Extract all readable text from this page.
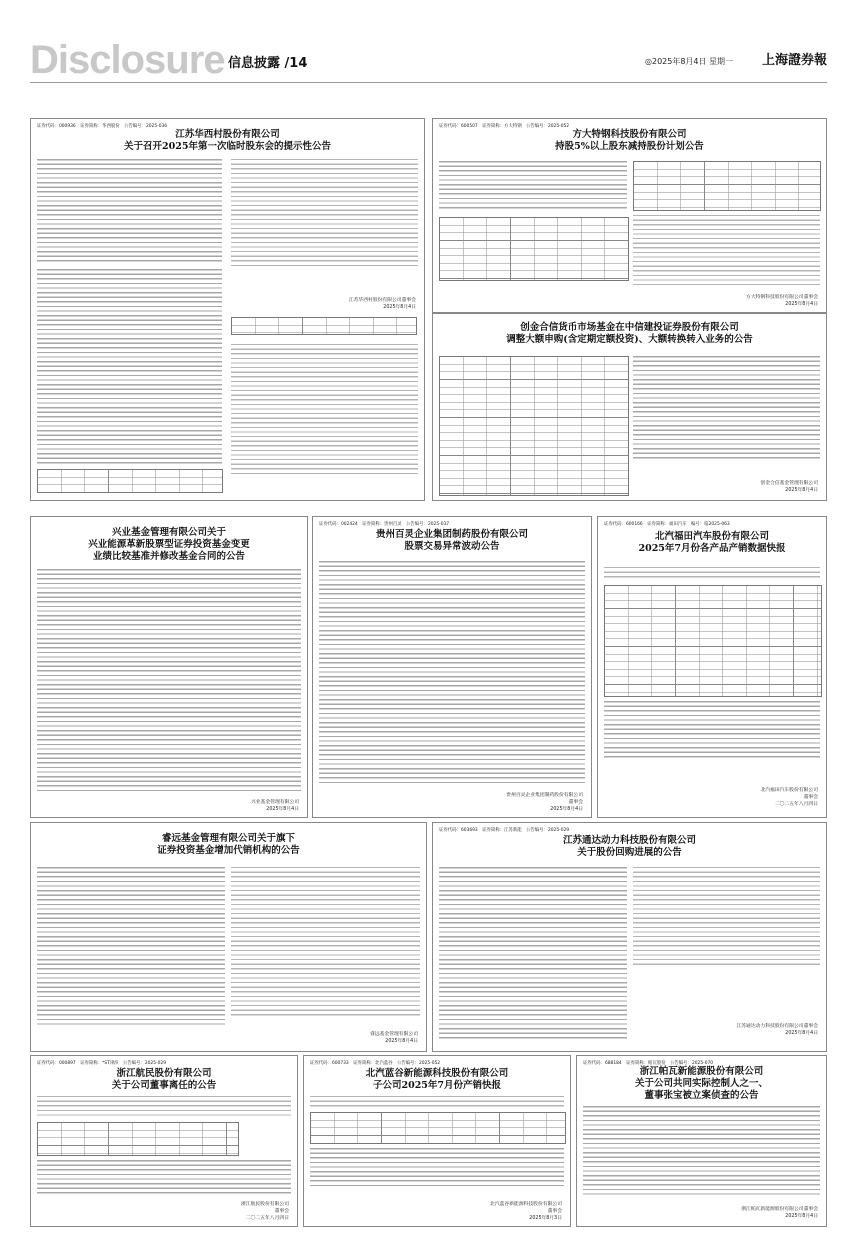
Disclosure 信息披露 /14	◎2025年8月4日 星期一 上海證券報
证券代码：000936　证券简称：华西股份　公告编号：2025-036
江苏华西村股份有限公司
关于召开2025年第一次临时股东会的提示性公告
江苏华西村股份有限公司董事会
2025年8月4日
证券代码：600507　证券简称：方大特钢　公告编号：2025-052
方大特钢科技股份有限公司
持股5%以上股东减持股份计划公告
方大特钢科技股份有限公司董事会
2025年8月4日
创金合信货币市场基金在中信建投证券股份有限公司
调整大额申购(含定期定额投资)、大额转换转入业务的公告
创金合信基金管理有限公司
2025年8月4日
兴业基金管理有限公司关于
兴业能源革新股票型证券投资基金变更
业绩比较基准并修改基金合同的公告
兴业基金管理有限公司
2025年8月4日
证券代码：002424　证券简称：贵州百灵　公告编号：2025-037
贵州百灵企业集团制药股份有限公司
股票交易异常波动公告
贵州百灵企业集团制药股份有限公司
董事会
2025年8月4日
证券代码：600166　证券简称：福田汽车　编号：临2025-063
北汽福田汽车股份有限公司
2025年7月份各产品产销数据快报
北汽福田汽车股份有限公司
董事会
二〇二五年八月四日
睿远基金管理有限公司关于旗下
证券投资基金增加代销机构的公告
睿远基金管理有限公司
2025年8月4日
证券代码：603693　证券简称：江苏新能　公告编号：2025-029
江苏通达动力科技股份有限公司
关于股份回购进展的公告
江苏通达动力科技股份有限公司董事会
2025年8月4日
证券代码：000897　证券简称：*ST津滨　公告编号：2025-029
浙江航民股份有限公司
关于公司董事离任的公告
浙江航民股份有限公司
董事会
二〇二五年八月四日
证券代码：600733　证券简称：北汽蓝谷　公告编号：2025-052
北汽蓝谷新能源科技股份有限公司
子公司2025年7月份产销快报
北汽蓝谷新能源科技股份有限公司
董事会
2025年8月3日
证券代码：688184　证券简称：帕瓦股份　公告编号：2025-070
浙江帕瓦新能源股份有限公司
关于公司共同实际控制人之一、
董事张宝被立案侦查的公告
浙江帕瓦新能源股份有限公司董事会
2025年8月4日
